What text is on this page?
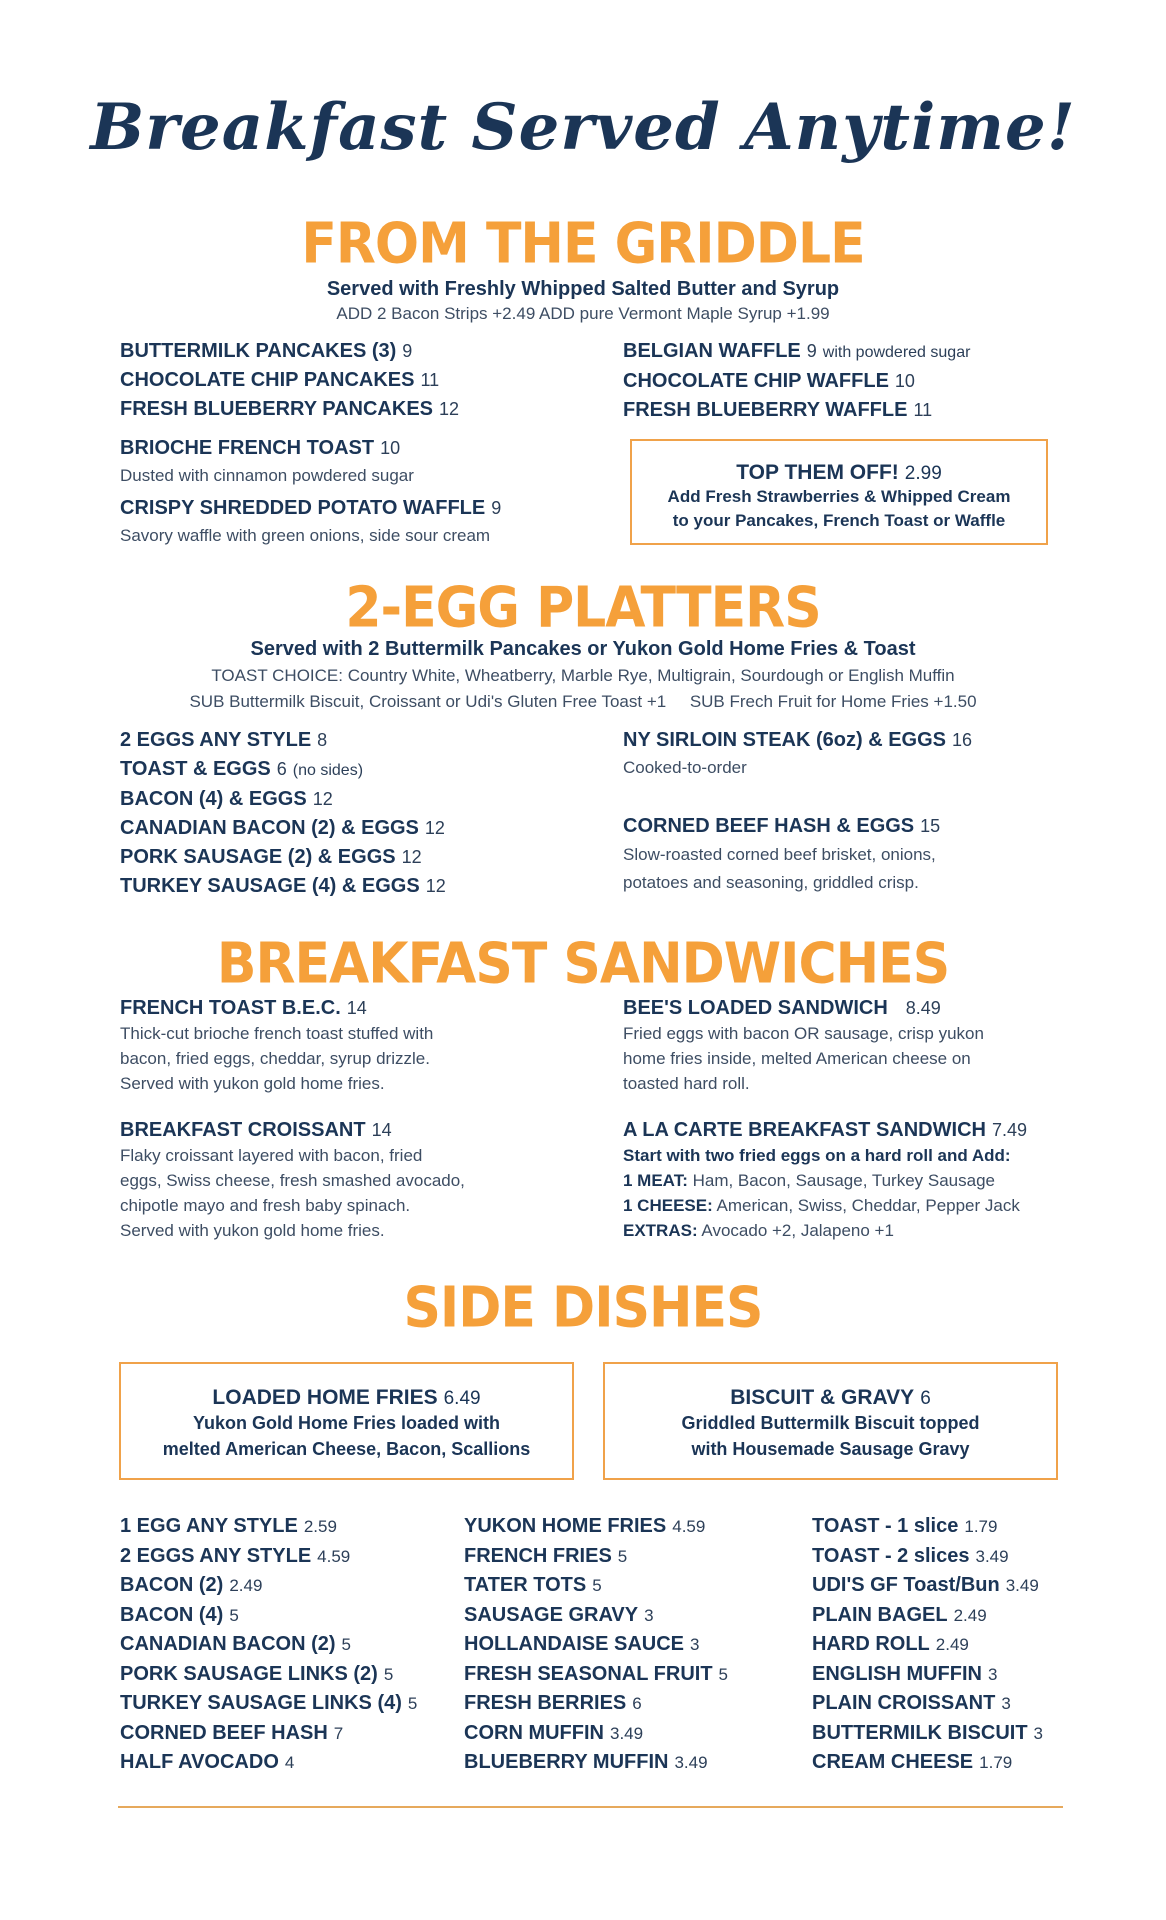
Breakfast Served Anytime!
FROM THE GRIDDLE
Served with Freshly Whipped Salted Butter and Syrup
ADD 2 Bacon Strips +2.49 ADD pure Vermont Maple Syrup +1.99
BUTTERMILK PANCAKES (3) 9
CHOCOLATE CHIP PANCAKES 11
FRESH BLUEBERRY PANCAKES 12
BELGIAN WAFFLE 9 with powdered sugar
CHOCOLATE CHIP WAFFLE 10
FRESH BLUEBERRY WAFFLE 11
BRIOCHE FRENCH TOAST 10
Dusted with cinnamon powdered sugar
CRISPY SHREDDED POTATO WAFFLE 9
Savory waffle with green onions, side sour cream
TOP THEM OFF! 2.99
Add Fresh Strawberries & Whipped Cream
to your Pancakes, French Toast or Waffle
2-EGG PLATTERS
Served with 2 Buttermilk Pancakes or Yukon Gold Home Fries & Toast
TOAST CHOICE: Country White, Wheatberry, Marble Rye, Multigrain, Sourdough or English Muffin
SUB Buttermilk Biscuit, Croissant or Udi's Gluten Free Toast +1     SUB Frech Fruit for Home Fries +1.50
2 EGGS ANY STYLE 8
TOAST & EGGS 6 (no sides)
BACON (4) & EGGS 12
CANADIAN BACON (2) & EGGS 12
PORK SAUSAGE (2) & EGGS 12
TURKEY SAUSAGE (4) & EGGS 12
NY SIRLOIN STEAK (6oz) & EGGS 16
Cooked-to-order
CORNED BEEF HASH & EGGS 15
Slow-roasted corned beef brisket, onions,
potatoes and seasoning, griddled crisp.
BREAKFAST SANDWICHES
FRENCH TOAST B.E.C. 14
Thick-cut brioche french toast stuffed with
bacon, fried eggs, cheddar, syrup drizzle.
Served with yukon gold home fries.
BEE'S LOADED SANDWICH 8.49
Fried eggs with bacon OR sausage, crisp yukon
home fries inside, melted American cheese on
toasted hard roll.
BREAKFAST CROISSANT 14
Flaky croissant layered with bacon, fried
eggs, Swiss cheese, fresh smashed avocado,
chipotle mayo and fresh baby spinach.
Served with yukon gold home fries.
A LA CARTE BREAKFAST SANDWICH 7.49
Start with two fried eggs on a hard roll and Add:
1 MEAT: Ham, Bacon, Sausage, Turkey Sausage
1 CHEESE: American, Swiss, Cheddar, Pepper Jack
EXTRAS: Avocado +2, Jalapeno +1
SIDE DISHES
LOADED HOME FRIES 6.49
Yukon Gold Home Fries loaded with
melted American Cheese, Bacon, Scallions
BISCUIT & GRAVY 6
Griddled Buttermilk Biscuit topped
with Housemade Sausage Gravy
1 EGG ANY STYLE 2.59
2 EGGS ANY STYLE 4.59
BACON (2) 2.49
BACON (4) 5
CANADIAN BACON (2) 5
PORK SAUSAGE LINKS (2) 5
TURKEY SAUSAGE LINKS (4) 5
CORNED BEEF HASH 7
HALF AVOCADO 4
YUKON HOME FRIES 4.59
FRENCH FRIES 5
TATER TOTS 5
SAUSAGE GRAVY 3
HOLLANDAISE SAUCE 3
FRESH SEASONAL FRUIT 5
FRESH BERRIES 6
CORN MUFFIN 3.49
BLUEBERRY MUFFIN 3.49
TOAST - 1 slice 1.79
TOAST - 2 slices 3.49
UDI'S GF Toast/Bun 3.49
PLAIN BAGEL 2.49
HARD ROLL 2.49
ENGLISH MUFFIN 3
PLAIN CROISSANT 3
BUTTERMILK BISCUIT 3
CREAM CHEESE 1.79
